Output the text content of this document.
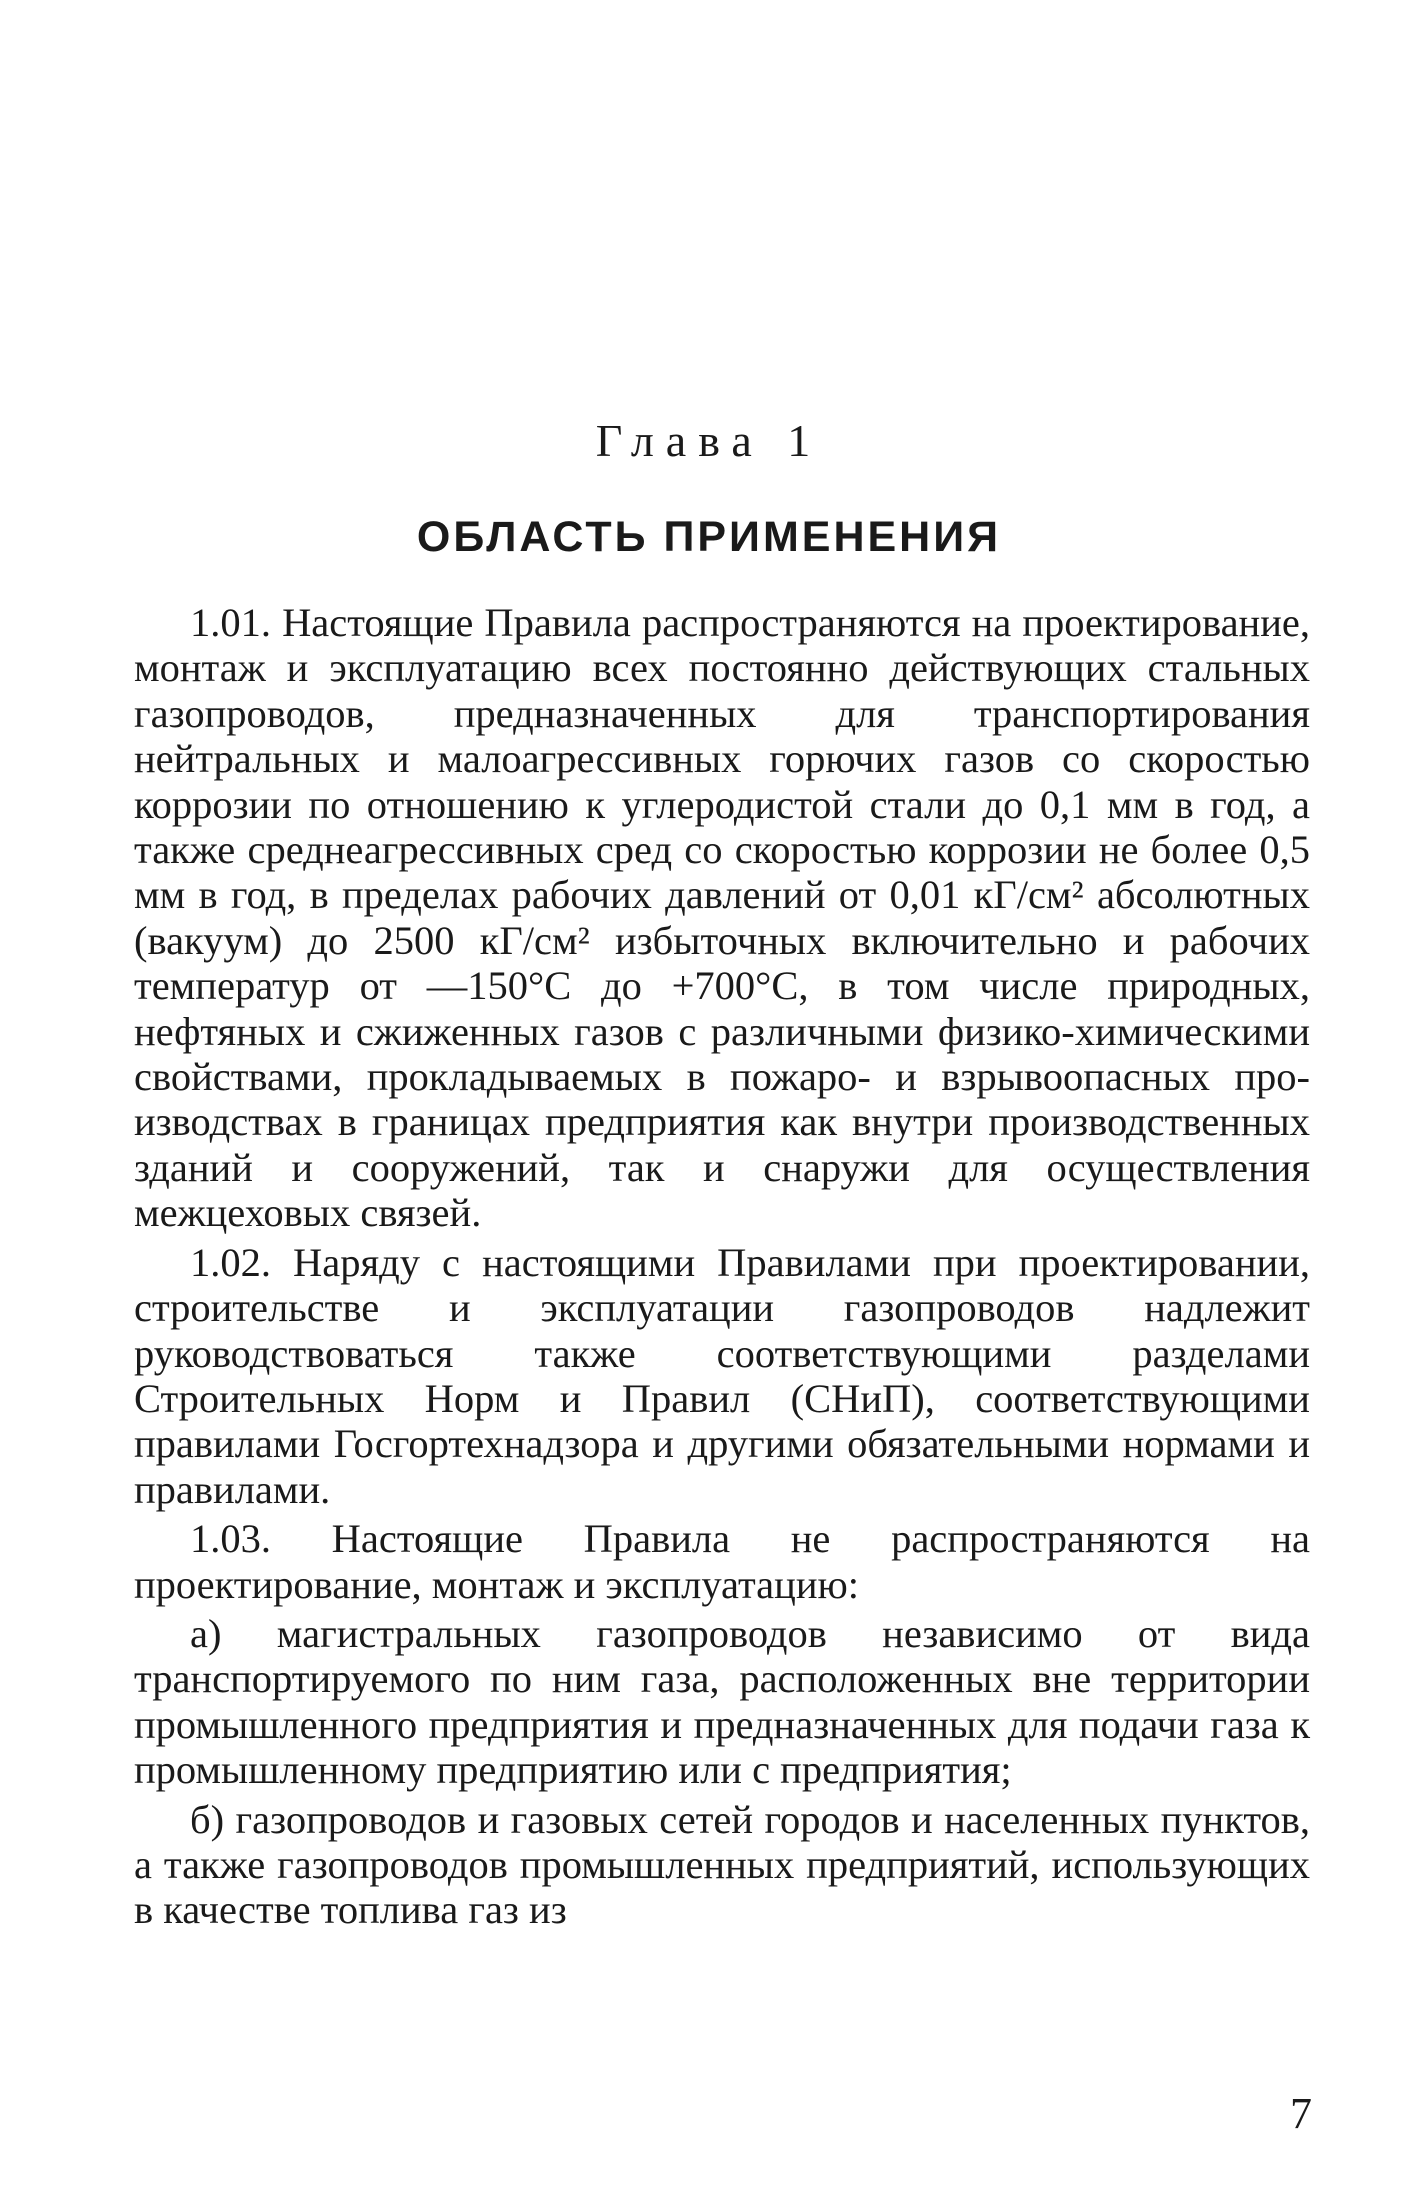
Глава 1
ОБЛАСТЬ ПРИМЕНЕНИЯ

1.01. Настоящие Правила распространяются на проектирование, монтаж и эксплуатацию всех постоянно действующих стальных газопроводов, предназначенных для транспортирования нейтральных и малоагрессивных горючих газов со скоростью коррозии по отношению к углеродистой стали до 0,1 мм в год, а также среднеагрессивных сред со скоростью коррозии не более 0,5 мм в год, в пределах рабочих давлений от 0,01 кГ/см² абсолютных (вакуум) до 2500 кГ/см² избыточных включительно и рабочих температур от —150°С до +700°С, в том числе природных, нефтяных и сжиженных газов с различными физико-химическими свойствами, прокладываемых в пожаро- и взрывоопасных производствах в границах предприятия как внутри производственных зданий и сооружений, так и снаружи для осуществления межцеховых связей.

1.02. Наряду с настоящими Правилами при проектировании, строительстве и эксплуатации газопроводов надлежит руководствоваться также соответствующими разделами Строительных Норм и Правил (СНиП), соответствующими правилами Госгортехнадзора и другими обязательными нормами и правилами.

1.03. Настоящие Правила не распространяются на проектирование, монтаж и эксплуатацию:

а) магистральных газопроводов независимо от вида транспортируемого по ним газа, расположенных вне территории промышленного предприятия и предназначенных для подачи газа к промышленному предприятию или с предприятия;

б) газопроводов и газовых сетей городов и населенных пунктов, а также газопроводов промышленных предприятий, использующих в качестве топлива газ из

7
